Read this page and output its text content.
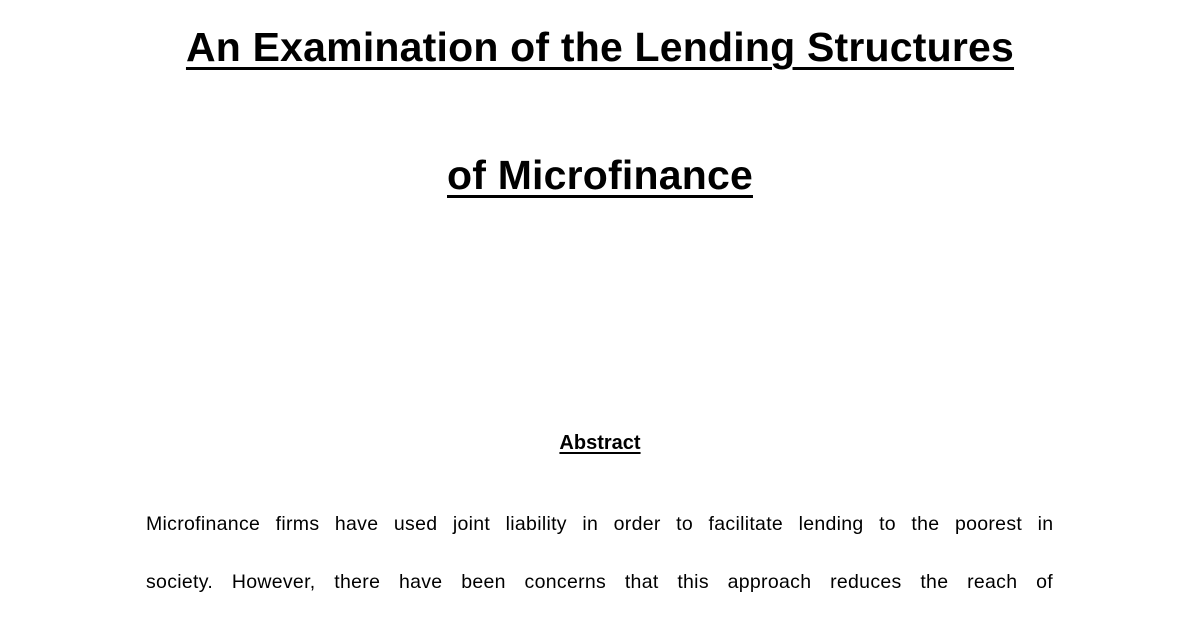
An Examination of the Lending Structures
of Microfinance
Abstract
Microfinance firms have used joint liability in order to facilitate lending to the poorest in
society. However, there have been concerns that this approach reduces the reach of
